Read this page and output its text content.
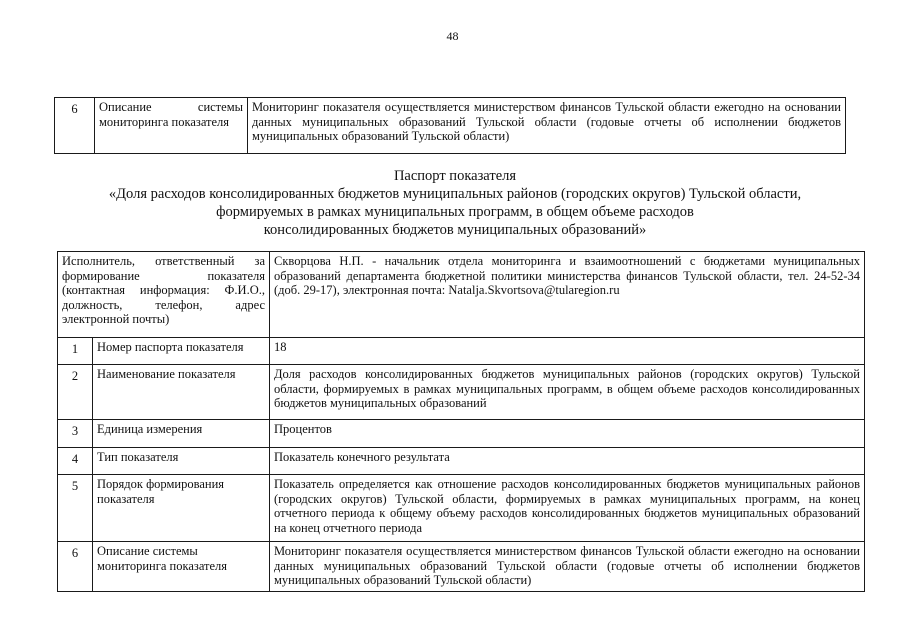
48
6	Описание системы мониторинга показателя	Мониторинг показателя осуществляется министерством финансов Тульской области ежегодно на основании данных муниципальных образований Тульской области (годовые отчеты об исполнении бюджетов муниципальных образований Тульской области)
Паспорт показателя
«Доля расходов консолидированных бюджетов муниципальных районов (городских округов) Тульской области,
формируемых в рамках муниципальных программ, в общем объеме расходов
консолидированных бюджетов муниципальных образований»
Исполнитель, ответственный за формирование показателя (контактная информация: Ф.И.О., должность, телефон, адрес электронной почты)		Скворцова Н.П. - начальник отдела мониторинга и взаимоотношений с бюджетами муниципальных образований департамента бюджетной политики министерства финансов Тульской области, тел. 24-52-34 (доб. 29-17), электронная почта: Natalja.Skvortsova@tularegion.ru
1	Номер паспорта показателя	18
2	Наименование показателя	Доля расходов консолидированных бюджетов муниципальных районов (городских округов) Тульской области, формируемых в рамках муниципальных программ, в общем объеме расходов консолидированных бюджетов муниципальных образований
3	Единица измерения	Процентов
4	Тип показателя	Показатель конечного результата
5	Порядок формирования показателя	Показатель определяется как отношение расходов консолидированных бюджетов муниципальных районов (городских округов) Тульской области, формируемых в рамках муниципальных программ, на конец отчетного периода к общему объему расходов консолидированных бюджетов муниципальных образований на конец отчетного периода
6	Описание системы мониторинга показателя	Мониторинг показателя осуществляется министерством финансов Тульской области ежегодно на основании данных муниципальных образований Тульской области (годовые отчеты об исполнении бюджетов муниципальных образований Тульской области)
